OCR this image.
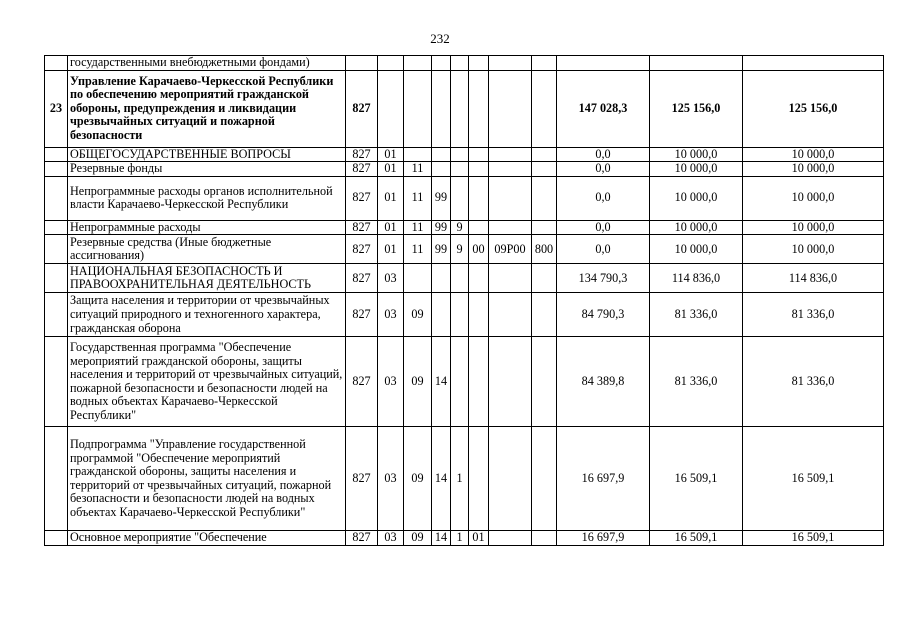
232
	государственными внебюджетными фондами)											
23	Управление Карачаево-Черкесской Республики по обеспечению мероприятий гражданской обороны, предупреждения и ликвидации чрезвычайных ситуаций и пожарной безопасности	827								147 028,3	125 156,0	125 156,0
	ОБЩЕГОСУДАРСТВЕННЫЕ ВОПРОСЫ	827	01							0,0	10 000,0	10 000,0
	Резервные фонды	827	01	11						0,0	10 000,0	10 000,0
	Непрограммные расходы органов исполнительной власти Карачаево-Черкесской Республики	827	01	11	99					0,0	10 000,0	10 000,0
	Непрограммные расходы	827	01	11	99	9				0,0	10 000,0	10 000,0
	Резервные средства (Иные бюджетные ассигнования)	827	01	11	99	9	00	09Р00	800	0,0	10 000,0	10 000,0
	НАЦИОНАЛЬНАЯ БЕЗОПАСНОСТЬ И ПРАВООХРАНИТЕЛЬНАЯ ДЕЯТЕЛЬНОСТЬ	827	03							134 790,3	114 836,0	114 836,0
	Защита населения и территории от чрезвычайных ситуаций природного и техногенного характера, гражданская оборона	827	03	09						84 790,3	81 336,0	81 336,0
	Государственная программа "Обеспечение мероприятий гражданской обороны, защиты населения и территорий от чрезвычайных ситуаций, пожарной безопасности и безопасности людей на водных объектах Карачаево-Черкесской Республики"	827	03	09	14					84 389,8	81 336,0	81 336,0
	Подпрограмма "Управление государственной программой "Обеспечение мероприятий гражданской обороны, защиты населения и территорий от чрезвычайных ситуаций, пожарной безопасности и безопасности людей на водных объектах Карачаево-Черкесской Республики"	827	03	09	14	1				16 697,9	16 509,1	16 509,1
	Основное мероприятие "Обеспечение	827	03	09	14	1	01			16 697,9	16 509,1	16 509,1
